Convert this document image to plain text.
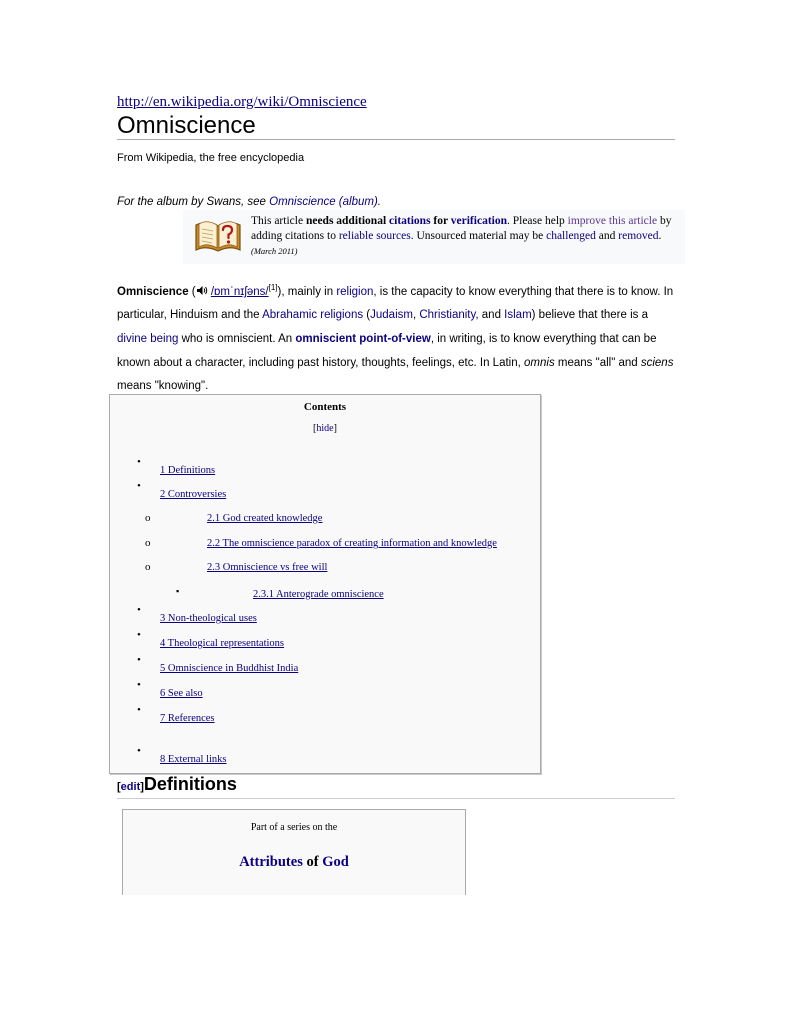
http://en.wikipedia.org/wiki/Omniscience
Omniscience
From Wikipedia, the free encyclopedia
For the album by Swans, see Omniscience (album).
This article needs additional citations for verification. Please help improve this article by adding citations to reliable sources. Unsourced material may be challenged and removed.(March 2011)
Omniscience ( /ɒmˈnɪʃəns/[1]), mainly in religion, is the capacity to know everything that there is to know. In particular, Hinduism and the Abrahamic religions (Judaism, Christianity, and Islam) believe that there is a divine being who is omniscient. An omniscient point-of-view, in writing, is to know everything that can be known about a character, including past history, thoughts, feelings, etc. In Latin, omnis means "all" and sciens means "knowing".
Contents
[hide]
•
1 Definitions
•
2 Controversies
o	2.1 God created knowledge
o	2.2 The omniscience paradox of creating information and knowledge
o	2.3 Omniscience vs free will
▪	2.3.1 Anterograde omniscience
•
3 Non-theological uses
•
4 Theological representations
•
5 Omniscience in Buddhist India
•
6 See also
•
7 References
•
8 External links
[edit]Definitions
Part of a series on the
Attributes of God
